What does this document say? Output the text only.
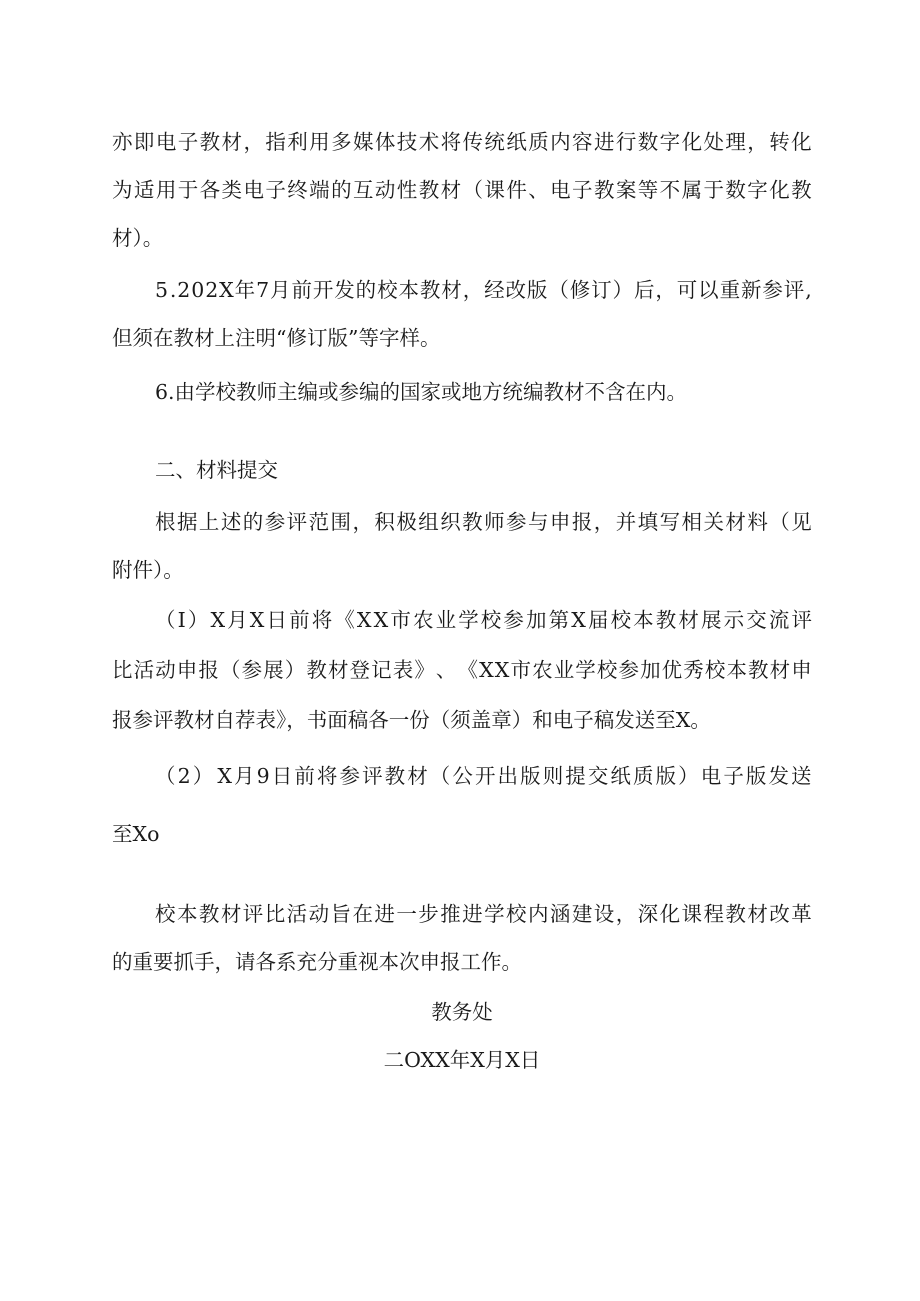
亦 即 电 子 教 材 ， 指 利 用 多 媒 体 技 术 将 传 统 纸 质 内 容 进 行 数 字 化 处 理 ， 转 化
为 适 用 于 各 类 电 子 终 端 的 互 动 性 教 材 （ 课 件 、 电 子 教 案 等 不 属 于 数 字 化 教
材）。
5 . 2 0 2 X 年 7 月 前 开 发 的 校 本 教 材 ， 经 改 版 （ 修 订 ） 后 ， 可 以 重 新 参 评 ,
但须在教材上注明“修订版”等字样。
6.由学校教师主编或参编的国家或地方统编教材不含在内。
二、材料提交
根 据 上 述 的 参 评 范 围 ， 积 极 组 织 教 师 参 与 申 报 ， 并 填 写 相 关 材 料 （ 见
附件）。
（ I ） X 月 X 日 前 将 《 X X 市 农 业 学 校 参 加 第 X 届 校 本 教 材 展 示 交 流 评
比 活 动 申 报 （ 参 展 ） 教 材 登 记 表 》 、 《 X X 市 农 业 学 校 参 加 优 秀 校 本 教 材 申
报参评教材自荐表》，书面稿各一份（须盖章）和电子稿发送至X。
（ 2 ） X 月 9 日 前 将 参 评 教 材 （ 公 开 出 版 则 提 交 纸 质 版 ） 电 子 版 发 送
至Xo
校 本 教 材 评 比 活 动 旨 在 进 一 步 推 进 学 校 内 涵 建 设 ， 深 化 课 程 教 材 改 革
的重要抓手，请各系充分重视本次申报工作。
教务处
二OXX年X月X日
